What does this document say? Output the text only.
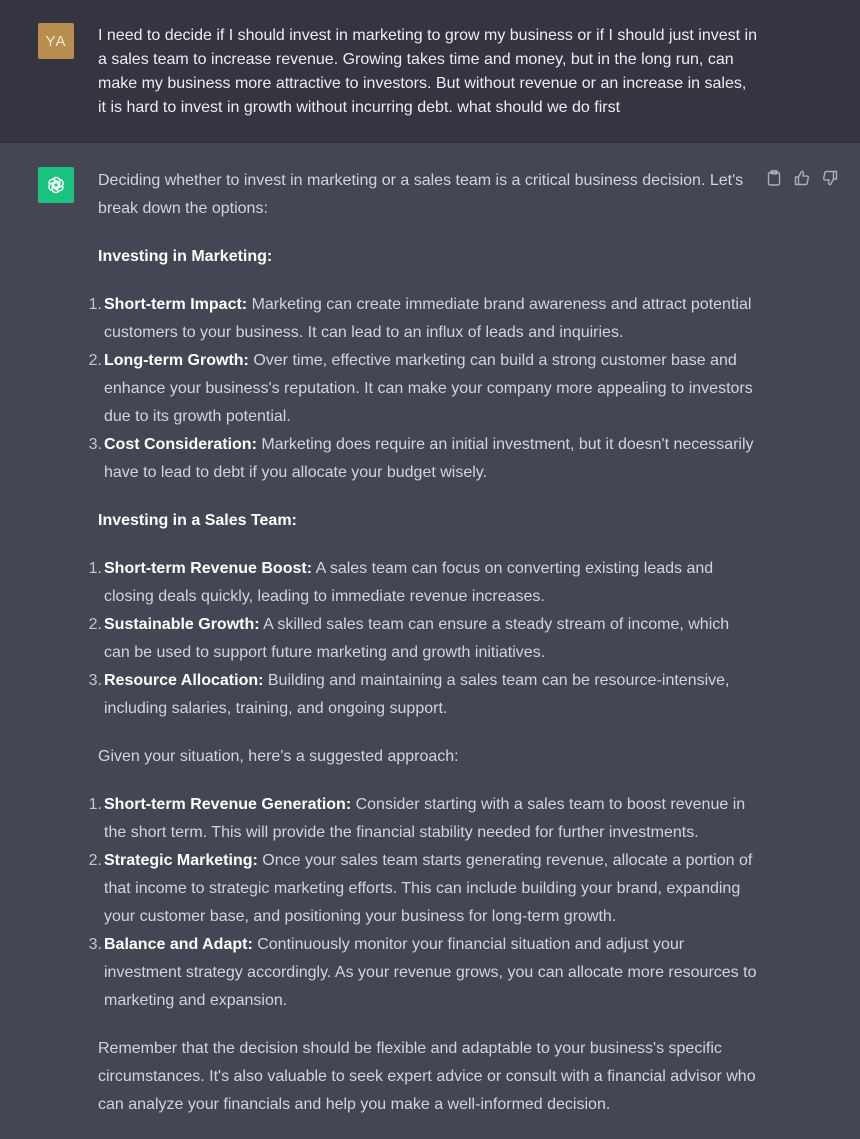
YA	I need to decide if I should invest in marketing to grow my business or if I should just invest in a sales team to increase revenue. Growing takes time and money, but in the long run, can make my business more attractive to investors. But without revenue or an increase in sales, it is hard to invest in growth without incurring debt. what should we do first

Deciding whether to invest in marketing or a sales team is a critical business decision. Let's break down the options:

Investing in Marketing:

1. Short-term Impact: Marketing can create immediate brand awareness and attract potential customers to your business. It can lead to an influx of leads and inquiries.
2. Long-term Growth: Over time, effective marketing can build a strong customer base and enhance your business's reputation. It can make your company more appealing to investors due to its growth potential.
3. Cost Consideration: Marketing does require an initial investment, but it doesn't necessarily have to lead to debt if you allocate your budget wisely.

Investing in a Sales Team:

1. Short-term Revenue Boost: A sales team can focus on converting existing leads and closing deals quickly, leading to immediate revenue increases.
2. Sustainable Growth: A skilled sales team can ensure a steady stream of income, which can be used to support future marketing and growth initiatives.
3. Resource Allocation: Building and maintaining a sales team can be resource-intensive, including salaries, training, and ongoing support.

Given your situation, here's a suggested approach:

1. Short-term Revenue Generation: Consider starting with a sales team to boost revenue in the short term. This will provide the financial stability needed for further investments.
2. Strategic Marketing: Once your sales team starts generating revenue, allocate a portion of that income to strategic marketing efforts. This can include building your brand, expanding your customer base, and positioning your business for long-term growth.
3. Balance and Adapt: Continuously monitor your financial situation and adjust your investment strategy accordingly. As your revenue grows, you can allocate more resources to marketing and expansion.

Remember that the decision should be flexible and adaptable to your business's specific circumstances. It's also valuable to seek expert advice or consult with a financial advisor who can analyze your financials and help you make a well-informed decision.
